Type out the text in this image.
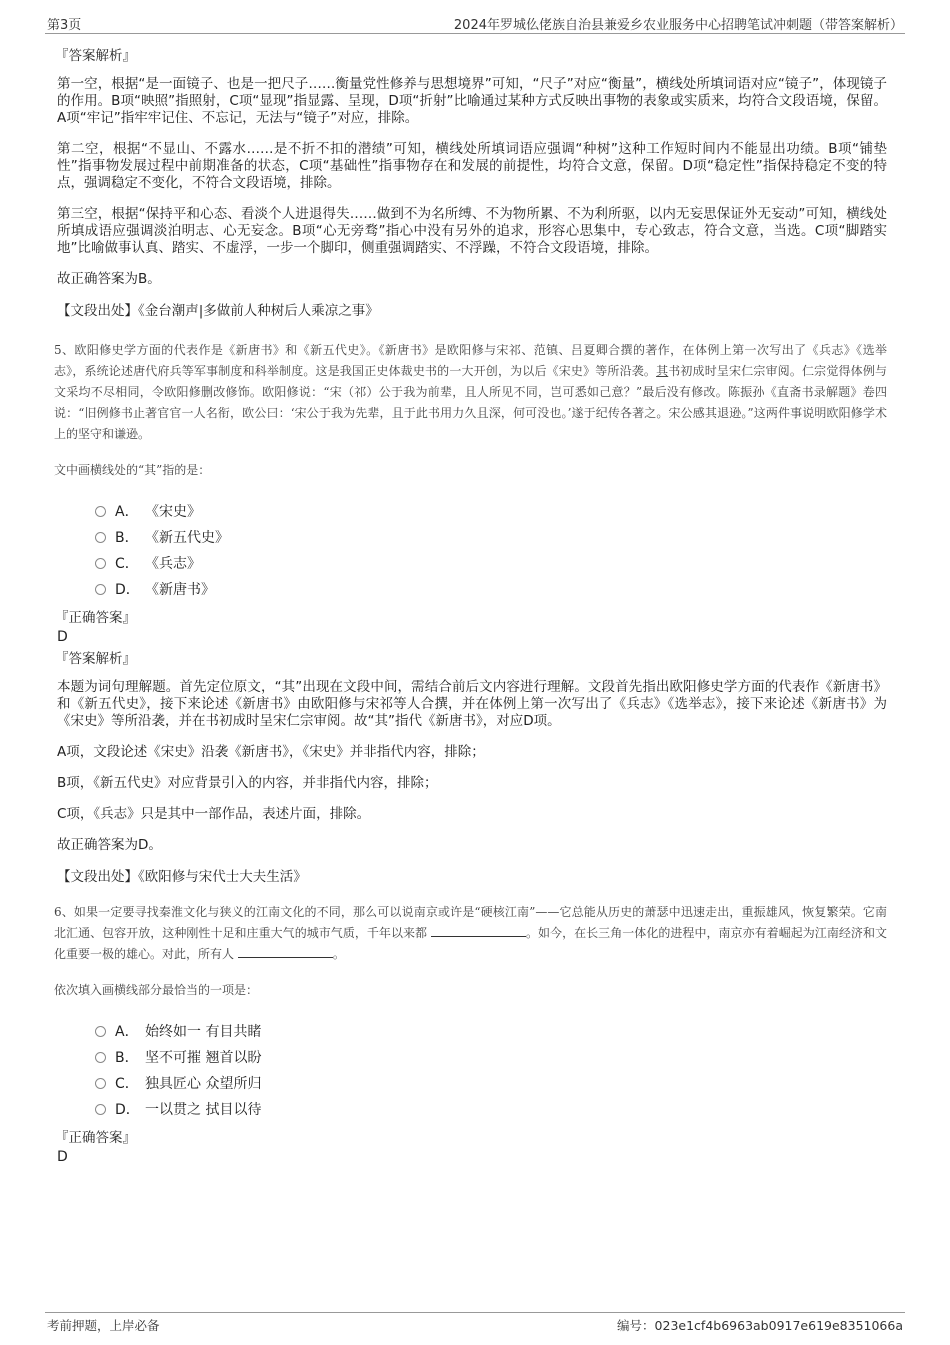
第3页	2024年罗城仫佬族自治县兼爱乡农业服务中心招聘笔试冲刺题（带答案解析）
『答案解析』
第一空，根据“是一面镜子、也是一把尺子……衡量党性修养与思想境界”可知，“尺子”对应“衡量”，横线处所填词语对应“镜子”，体现镜子的作用。B项“映照”指照射，C项“显现”指显露、呈现，D项“折射”比喻通过某种方式反映出事物的表象或实质来，均符合文段语境，保留。A项“牢记”指牢牢记住、不忘记，无法与“镜子”对应，排除。
第二空，根据“不显山、不露水……是不折不扣的潜绩”可知，横线处所填词语应强调“种树”这种工作短时间内不能显出功绩。B项“铺垫性”指事物发展过程中前期准备的状态，C项“基础性”指事物存在和发展的前提性，均符合文意，保留。D项“稳定性”指保持稳定不变的特点，强调稳定不变化，不符合文段语境，排除。
第三空，根据“保持平和心态、看淡个人进退得失……做到不为名所缚、不为物所累、不为利所驱，以内无妄思保证外无妄动”可知，横线处所填成语应强调淡泊明志、心无妄念。B项“心无旁骛”指心中没有另外的追求，形容心思集中，专心致志，符合文意，当选。C项“脚踏实地”比喻做事认真、踏实、不虚浮，一步一个脚印，侧重强调踏实、不浮躁，不符合文段语境，排除。
故正确答案为B。
【文段出处】《金台潮声|多做前人种树后人乘凉之事》
5、欧阳修史学方面的代表作是《新唐书》和《新五代史》。《新唐书》是欧阳修与宋祁、范镇、吕夏卿合撰的著作，在体例上第一次写出了《兵志》《选举志》，系统论述唐代府兵等军事制度和科举制度。这是我国正史体裁史书的一大开创，为以后《宋史》等所沿袭。其书初成时呈宋仁宗审阅。仁宗觉得体例与文采均不尽相同，令欧阳修删改修饰。欧阳修说：“宋（祁）公于我为前辈，且人所见不同，岂可悉如己意？”最后没有修改。陈振孙《直斋书录解题》卷四说：“旧例修书止著官官一人名衔，欧公曰：‘宋公于我为先辈，且于此书用力久且深，何可没也。’遂于纪传各著之。宋公感其退逊。”这两件事说明欧阳修学术上的坚守和谦逊。
文中画横线处的“其”指的是：
A． 《宋史》
B． 《新五代史》
C． 《兵志》
D． 《新唐书》
『正确答案』
D
『答案解析』
本题为词句理解题。首先定位原文，“其”出现在文段中间，需结合前后文内容进行理解。文段首先指出欧阳修史学方面的代表作《新唐书》和《新五代史》，接下来论述《新唐书》由欧阳修与宋祁等人合撰，并在体例上第一次写出了《兵志》《选举志》，接下来论述《新唐书》为《宋史》等所沿袭，并在书初成时呈宋仁宗审阅。故“其”指代《新唐书》，对应D项。
A项，文段论述《宋史》沿袭《新唐书》，《宋史》并非指代内容，排除；
B项，《新五代史》对应背景引入的内容，并非指代内容，排除；
C项，《兵志》只是其中一部作品，表述片面，排除。
故正确答案为D。
【文段出处】《欧阳修与宋代士大夫生活》
6、如果一定要寻找秦淮文化与狭义的江南文化的不同，那么可以说南京或许是“硬核江南”——它总能从历史的萧瑟中迅速走出，重振雄风，恢复繁荣。它南北汇通、包容开放，这种刚性十足和庄重大气的城市气质，千年以来都	。如今，在长三角一体化的进程中，南京亦有着崛起为江南经济和文化重要一极的雄心。对此，所有人	。
依次填入画横线部分最恰当的一项是：
A． 始终如一 有目共睹
B． 坚不可摧 翘首以盼
C． 独具匠心 众望所归
D． 一以贯之 拭目以待
『正确答案』
D
考前押题，上岸必备	编号：023e1cf4b6963ab0917e619e8351066a
